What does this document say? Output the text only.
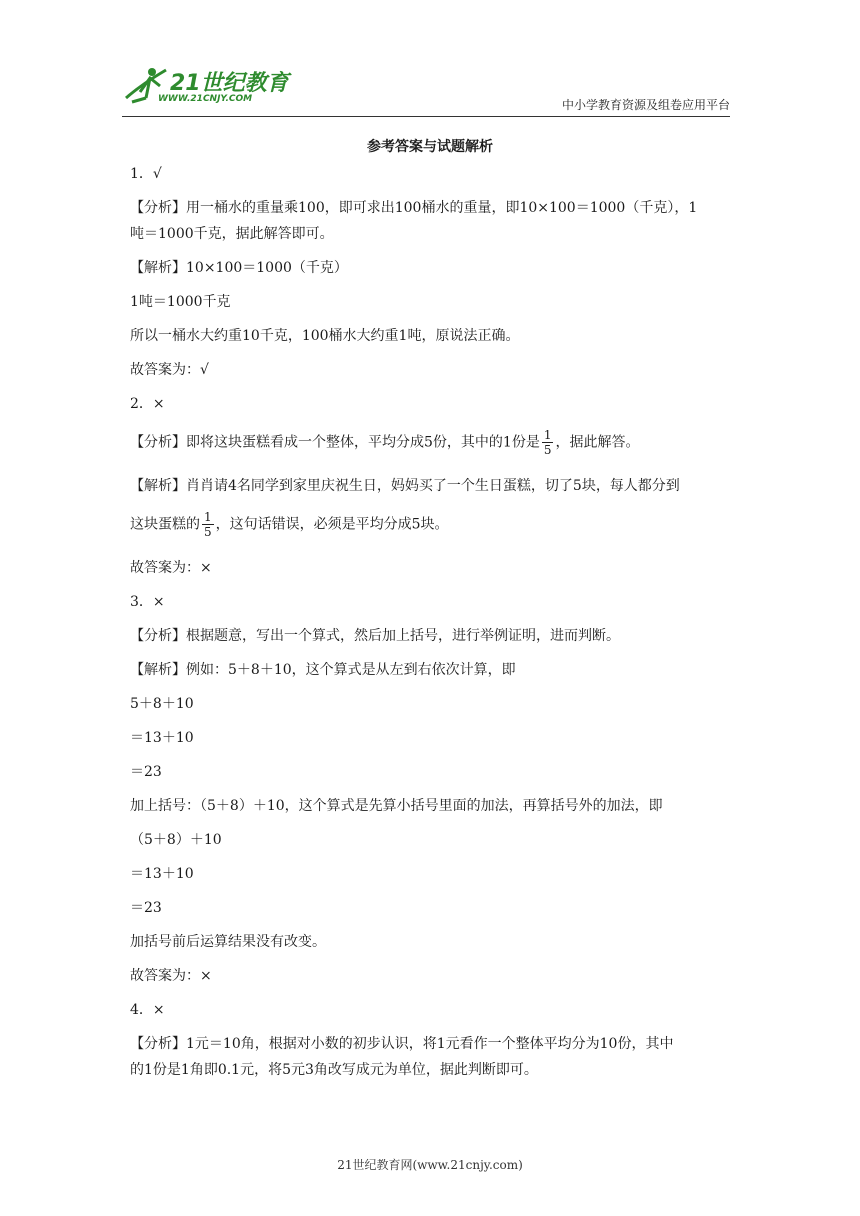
21世纪教育
WWW.21CNJY.COM	中小学教育资源及组卷应用平台
参考答案与试题解析
1．√
【分析】用一桶水的重量乘100，即可求出100桶水的重量，即10×100＝1000（千克），1
吨＝1000千克，据此解答即可。
【解析】10×100＝1000（千克）
1吨＝1000千克
所以一桶水大约重10千克，100桶水大约重1吨，原说法正确。
故答案为：√
2．×
【分析】即将这块蛋糕看成一个整体，平均分成5份，其中的1份是 $\frac{1}{5}$ ，据此解答。
【解析】肖肖请4名同学到家里庆祝生日，妈妈买了一个生日蛋糕，切了5块，每人都分到
这块蛋糕的 $\frac{1}{5}$ ，这句话错误，必须是平均分成5块。
故答案为：×
3．×
【分析】根据题意，写出一个算式，然后加上括号，进行举例证明，进而判断。
【解析】例如：5＋8＋10，这个算式是从左到右依次计算，即
5＋8＋10
＝13＋10
＝23
加上括号：（5＋8）＋10，这个算式是先算小括号里面的加法，再算括号外的加法，即
（5＋8）＋10
＝13＋10
＝23
加括号前后运算结果没有改变。
故答案为：×
4．×
【分析】1元＝10角，根据对小数的初步认识，将1元看作一个整体平均分为10份，其中
的1份是1角即0.1元，将5元3角改写成元为单位，据此判断即可。
21世纪教育网(www.21cnjy.com)
